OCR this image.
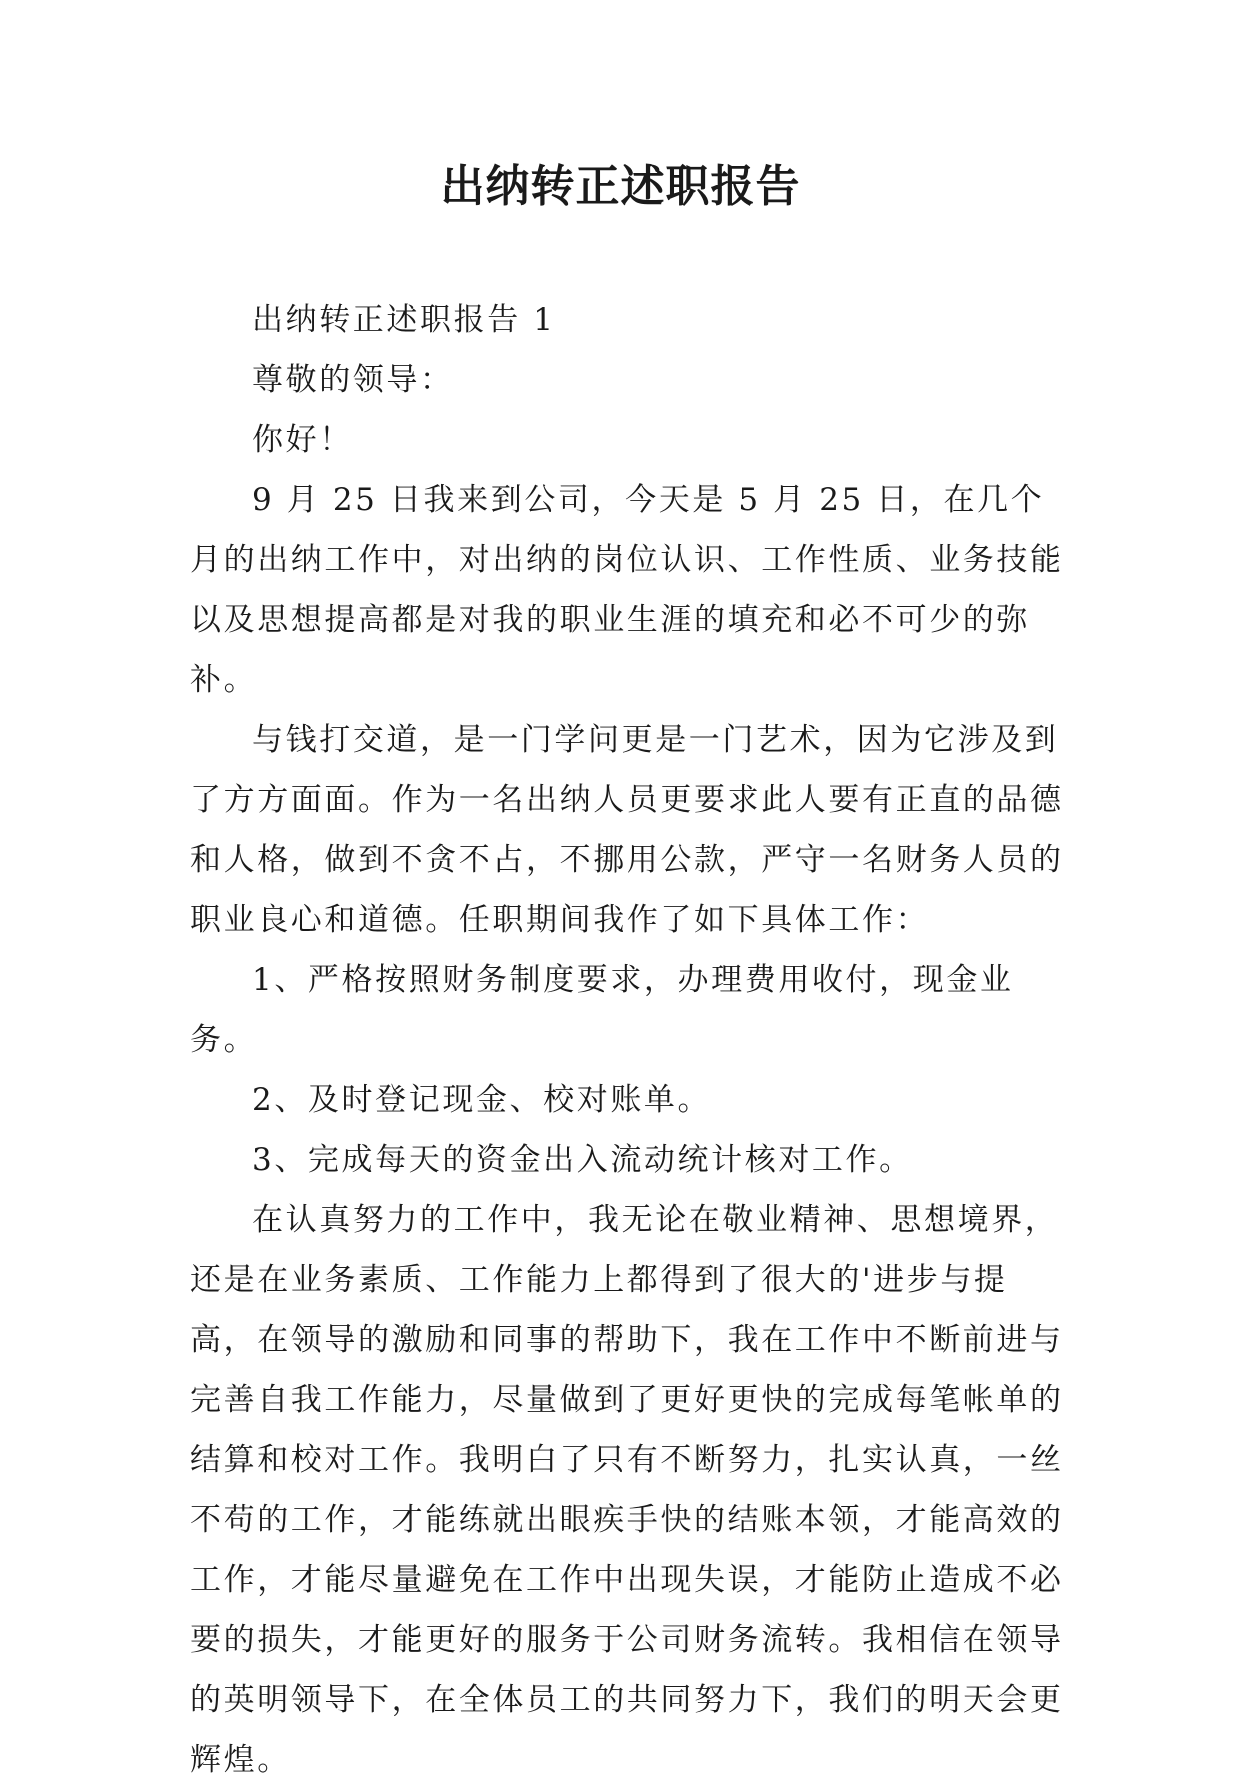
出纳转正述职报告

出纳转正述职报告 1

尊敬的领导：

你好！

9 月 25 日我来到公司，今天是 5 月 25 日，在几个月的出纳工作中，对出纳的岗位认识、工作性质、业务技能以及思想提高都是对我的职业生涯的填充和必不可少的弥补。

与钱打交道，是一门学问更是一门艺术，因为它涉及到了方方面面。作为一名出纳人员更要求此人要有正直的品德和人格，做到不贪不占，不挪用公款，严守一名财务人员的职业良心和道德。任职期间我作了如下具体工作：

1、严格按照财务制度要求，办理费用收付，现金业务。

2、及时登记现金、校对账单。

3、完成每天的资金出入流动统计核对工作。

在认真努力的工作中，我无论在敬业精神、思想境界，还是在业务素质、工作能力上都得到了很大的'进步与提高，在领导的激励和同事的帮助下，我在工作中不断前进与完善自我工作能力，尽量做到了更好更快的完成每笔帐单的结算和校对工作。我明白了只有不断努力，扎实认真，一丝不苟的工作，才能练就出眼疾手快的结账本领，才能高效的工作，才能尽量避免在工作中出现失误，才能防止造成不必要的损失，才能更好的服务于公司财务流转。我相信在领导的英明领导下，在全体员工的共同努力下，我们的明天会更辉煌。
